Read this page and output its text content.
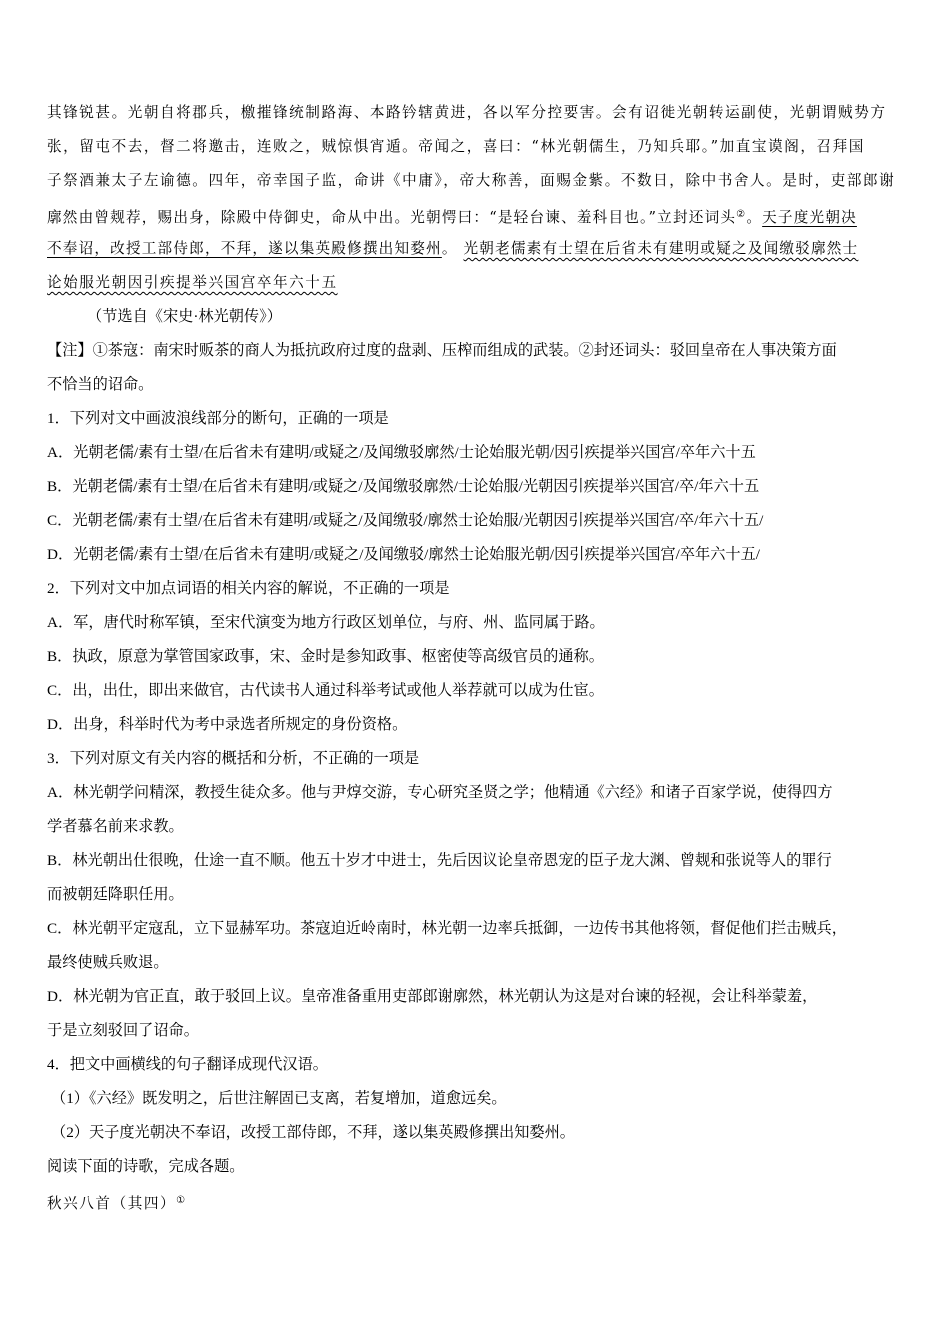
其锋锐甚。光朝自将郡兵，檄摧锋统制路海、本路钤辖黄进，各以军分控要害。会有诏徙光朝转运副使，光朝谓贼势方
张，留屯不去，督二将邀击，连败之，贼惊惧宵遁。帝闻之，喜曰：“林光朝儒生，乃知兵耶。”加直宝谟阁，召拜国
子祭酒兼太子左谕德。四年，帝幸国子监，命讲《中庸》，帝大称善，面赐金紫。不数日，除中书舍人。是时，吏部郎谢
廓然由曾觌荐，赐出身，除殿中侍御史，命从中出。光朝愕曰：“是轻台谏、羞科目也。”立封还词头②。天子度光朝决
不奉诏，改授工部侍郎，不拜，遂以集英殿修撰出知婺州。 光朝老儒素有士望在后省未有建明或疑之及闻缴驳廓然士
论始服光朝因引疾提举兴国宫卒年六十五
（节选自《宋史·林光朝传》）
【注】①茶寇：南宋时贩茶的商人为抵抗政府过度的盘剥、压榨而组成的武装。②封还词头：驳回皇帝在人事决策方面
不恰当的诏命。
1．下列对文中画波浪线部分的断句，正确的一项是
A．光朝老儒/素有士望/在后省未有建明/或疑之/及闻缴驳廓然/士论始服光朝/因引疾提举兴国宫/卒年六十五
B．光朝老儒/素有士望/在后省未有建明/或疑之/及闻缴驳廓然/士论始服/光朝因引疾提举兴国宫/卒/年六十五
C．光朝老儒/素有士望/在后省未有建明/或疑之/及闻缴驳/廓然士论始服/光朝因引疾提举兴国宫/卒/年六十五/
D．光朝老儒/素有士望/在后省未有建明/或疑之/及闻缴驳/廓然士论始服光朝/因引疾提举兴国宫/卒年六十五/
2．下列对文中加点词语的相关内容的解说，不正确的一项是
A．军，唐代时称军镇，至宋代演变为地方行政区划单位，与府、州、监同属于路。
B．执政，原意为掌管国家政事，宋、金时是参知政事、枢密使等高级官员的通称。
C．出，出仕，即出来做官，古代读书人通过科举考试或他人举荐就可以成为仕宦。
D．出身，科举时代为考中录选者所规定的身份资格。
3．下列对原文有关内容的概括和分析，不正确的一项是
A．林光朝学问精深，教授生徒众多。他与尹焞交游，专心研究圣贤之学；他精通《六经》和诸子百家学说，使得四方
学者慕名前来求教。
B．林光朝出仕很晚，仕途一直不顺。他五十岁才中进士，先后因议论皇帝恩宠的臣子龙大渊、曾觌和张说等人的罪行
而被朝廷降职任用。
C．林光朝平定寇乱，立下显赫军功。茶寇迫近岭南时，林光朝一边率兵抵御，一边传书其他将领，督促他们拦击贼兵，
最终使贼兵败退。
D．林光朝为官正直，敢于驳回上议。皇帝准备重用吏部郎谢廓然，林光朝认为这是对台谏的轻视，会让科举蒙羞，
于是立刻驳回了诏命。
4．把文中画横线的句子翻译成现代汉语。
（1）《六经》既发明之，后世注解固已支离，若复增加，道愈远矣。
（2）天子度光朝决不奉诏，改授工部侍郎，不拜，遂以集英殿修撰出知婺州。
阅读下面的诗歌，完成各题。
秋兴八首（其四）①
